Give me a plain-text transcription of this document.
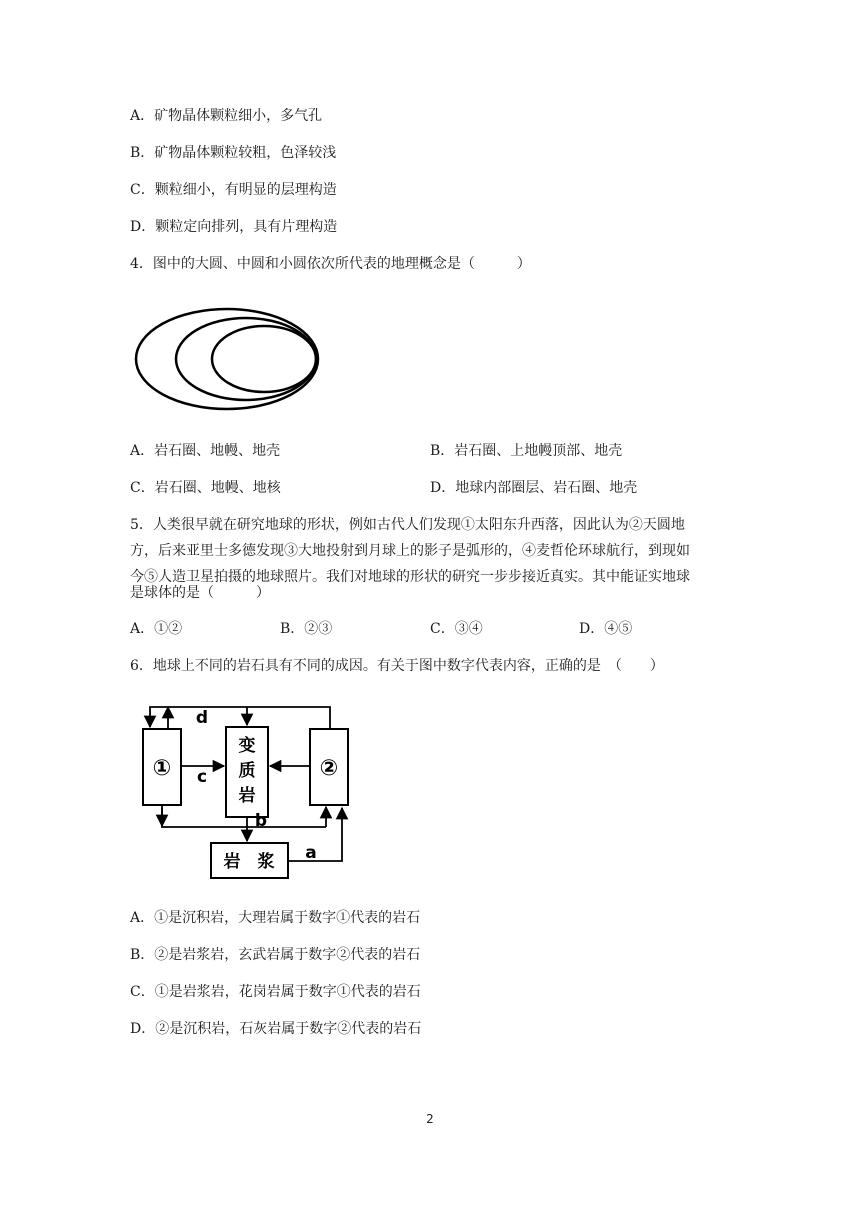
A．矿物晶体颗粒细小，多气孔
B．矿物晶体颗粒较粗，色泽较浅
C．颗粒细小，有明显的层理构造
D．颗粒定向排列，具有片理构造
4．图中的大圆、中圆和小圆依次所代表的地理概念是（　　　）
A．岩石圈、地幔、地壳	B．岩石圈、上地幔顶部、地壳
C．岩石圈、地幔、地核	D．地球内部圈层、岩石圈、地壳
5．人类很早就在研究地球的形状，例如古代人们发现①太阳东升西落，因此认为②天圆地
方，后来亚里士多德发现③大地投射到月球上的影子是弧形的，④麦哲伦环球航行，到现如
今⑤人造卫星拍摄的地球照片。我们对地球的形状的研究一步步接近真实。其中能证实地球
是球体的是（　　　）
A．①②	B．②③	C．③④	D．④⑤
6．地球上不同的岩石具有不同的成因。有关于图中数字代表内容，正确的是　（　　）
①	②
变
质
岩
岩　浆 a
b
c
d
A．①是沉积岩，大理岩属于数字①代表的岩石
B．②是岩浆岩，玄武岩属于数字②代表的岩石
C．①是岩浆岩，花岗岩属于数字①代表的岩石
D．②是沉积岩，石灰岩属于数字②代表的岩石
2
